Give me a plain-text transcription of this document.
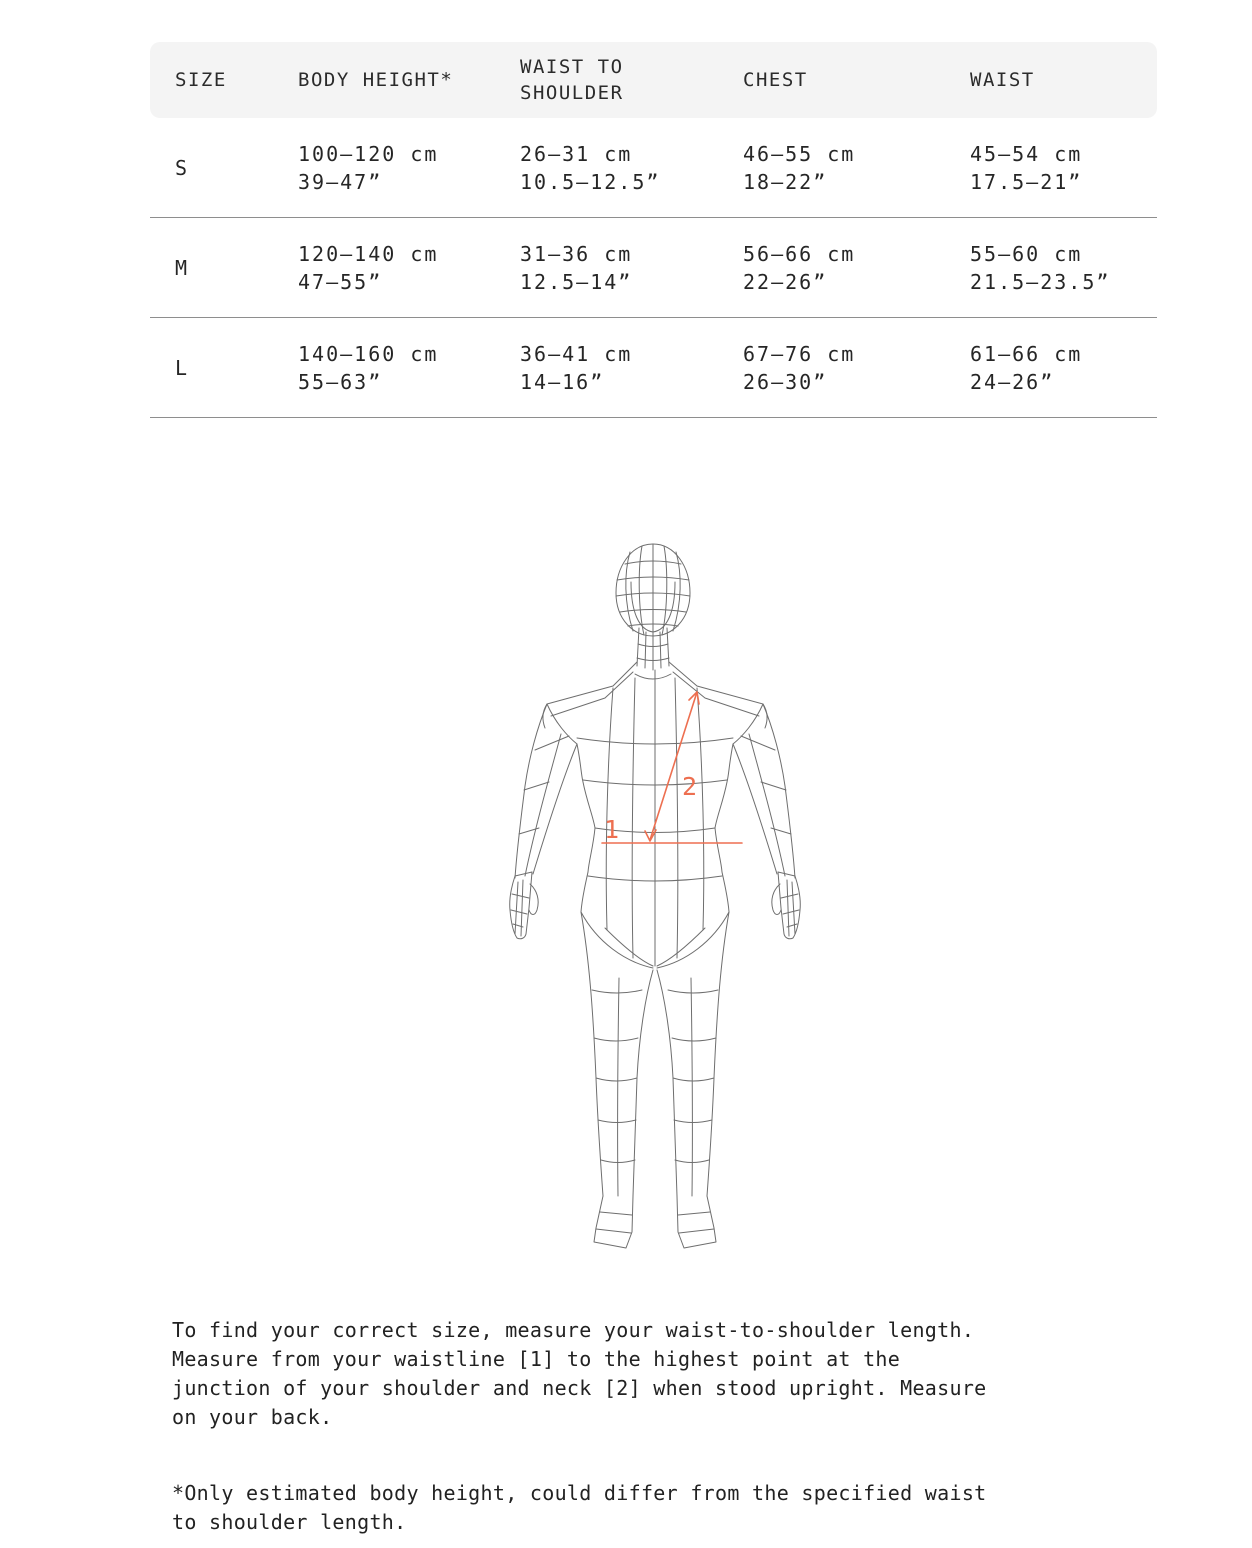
SIZE	BODY HEIGHT*
WAIST TO SHOULDER
CHEST	WAIST
S
100–120 cm
39–47”
26–31 cm
10.5–12.5”
46–55 cm
18–22”
45–54 cm
17.5–21”
M
120–140 cm
47–55”
31–36 cm
12.5–14”
56–66 cm
22–26”
55–60 cm
21.5–23.5”
L
140–160 cm
55–63”
36–41 cm
14–16”
67–76 cm
26–30”
61–66 cm
24–26”
1
2

To find your correct size, measure your waist-to-shoulder length.
Measure from your waistline [1] to the highest point at the
junction of your shoulder and neck [2] when stood upright. Measure
on your back.

*Only estimated body height, could differ from the specified waist
to shoulder length.
